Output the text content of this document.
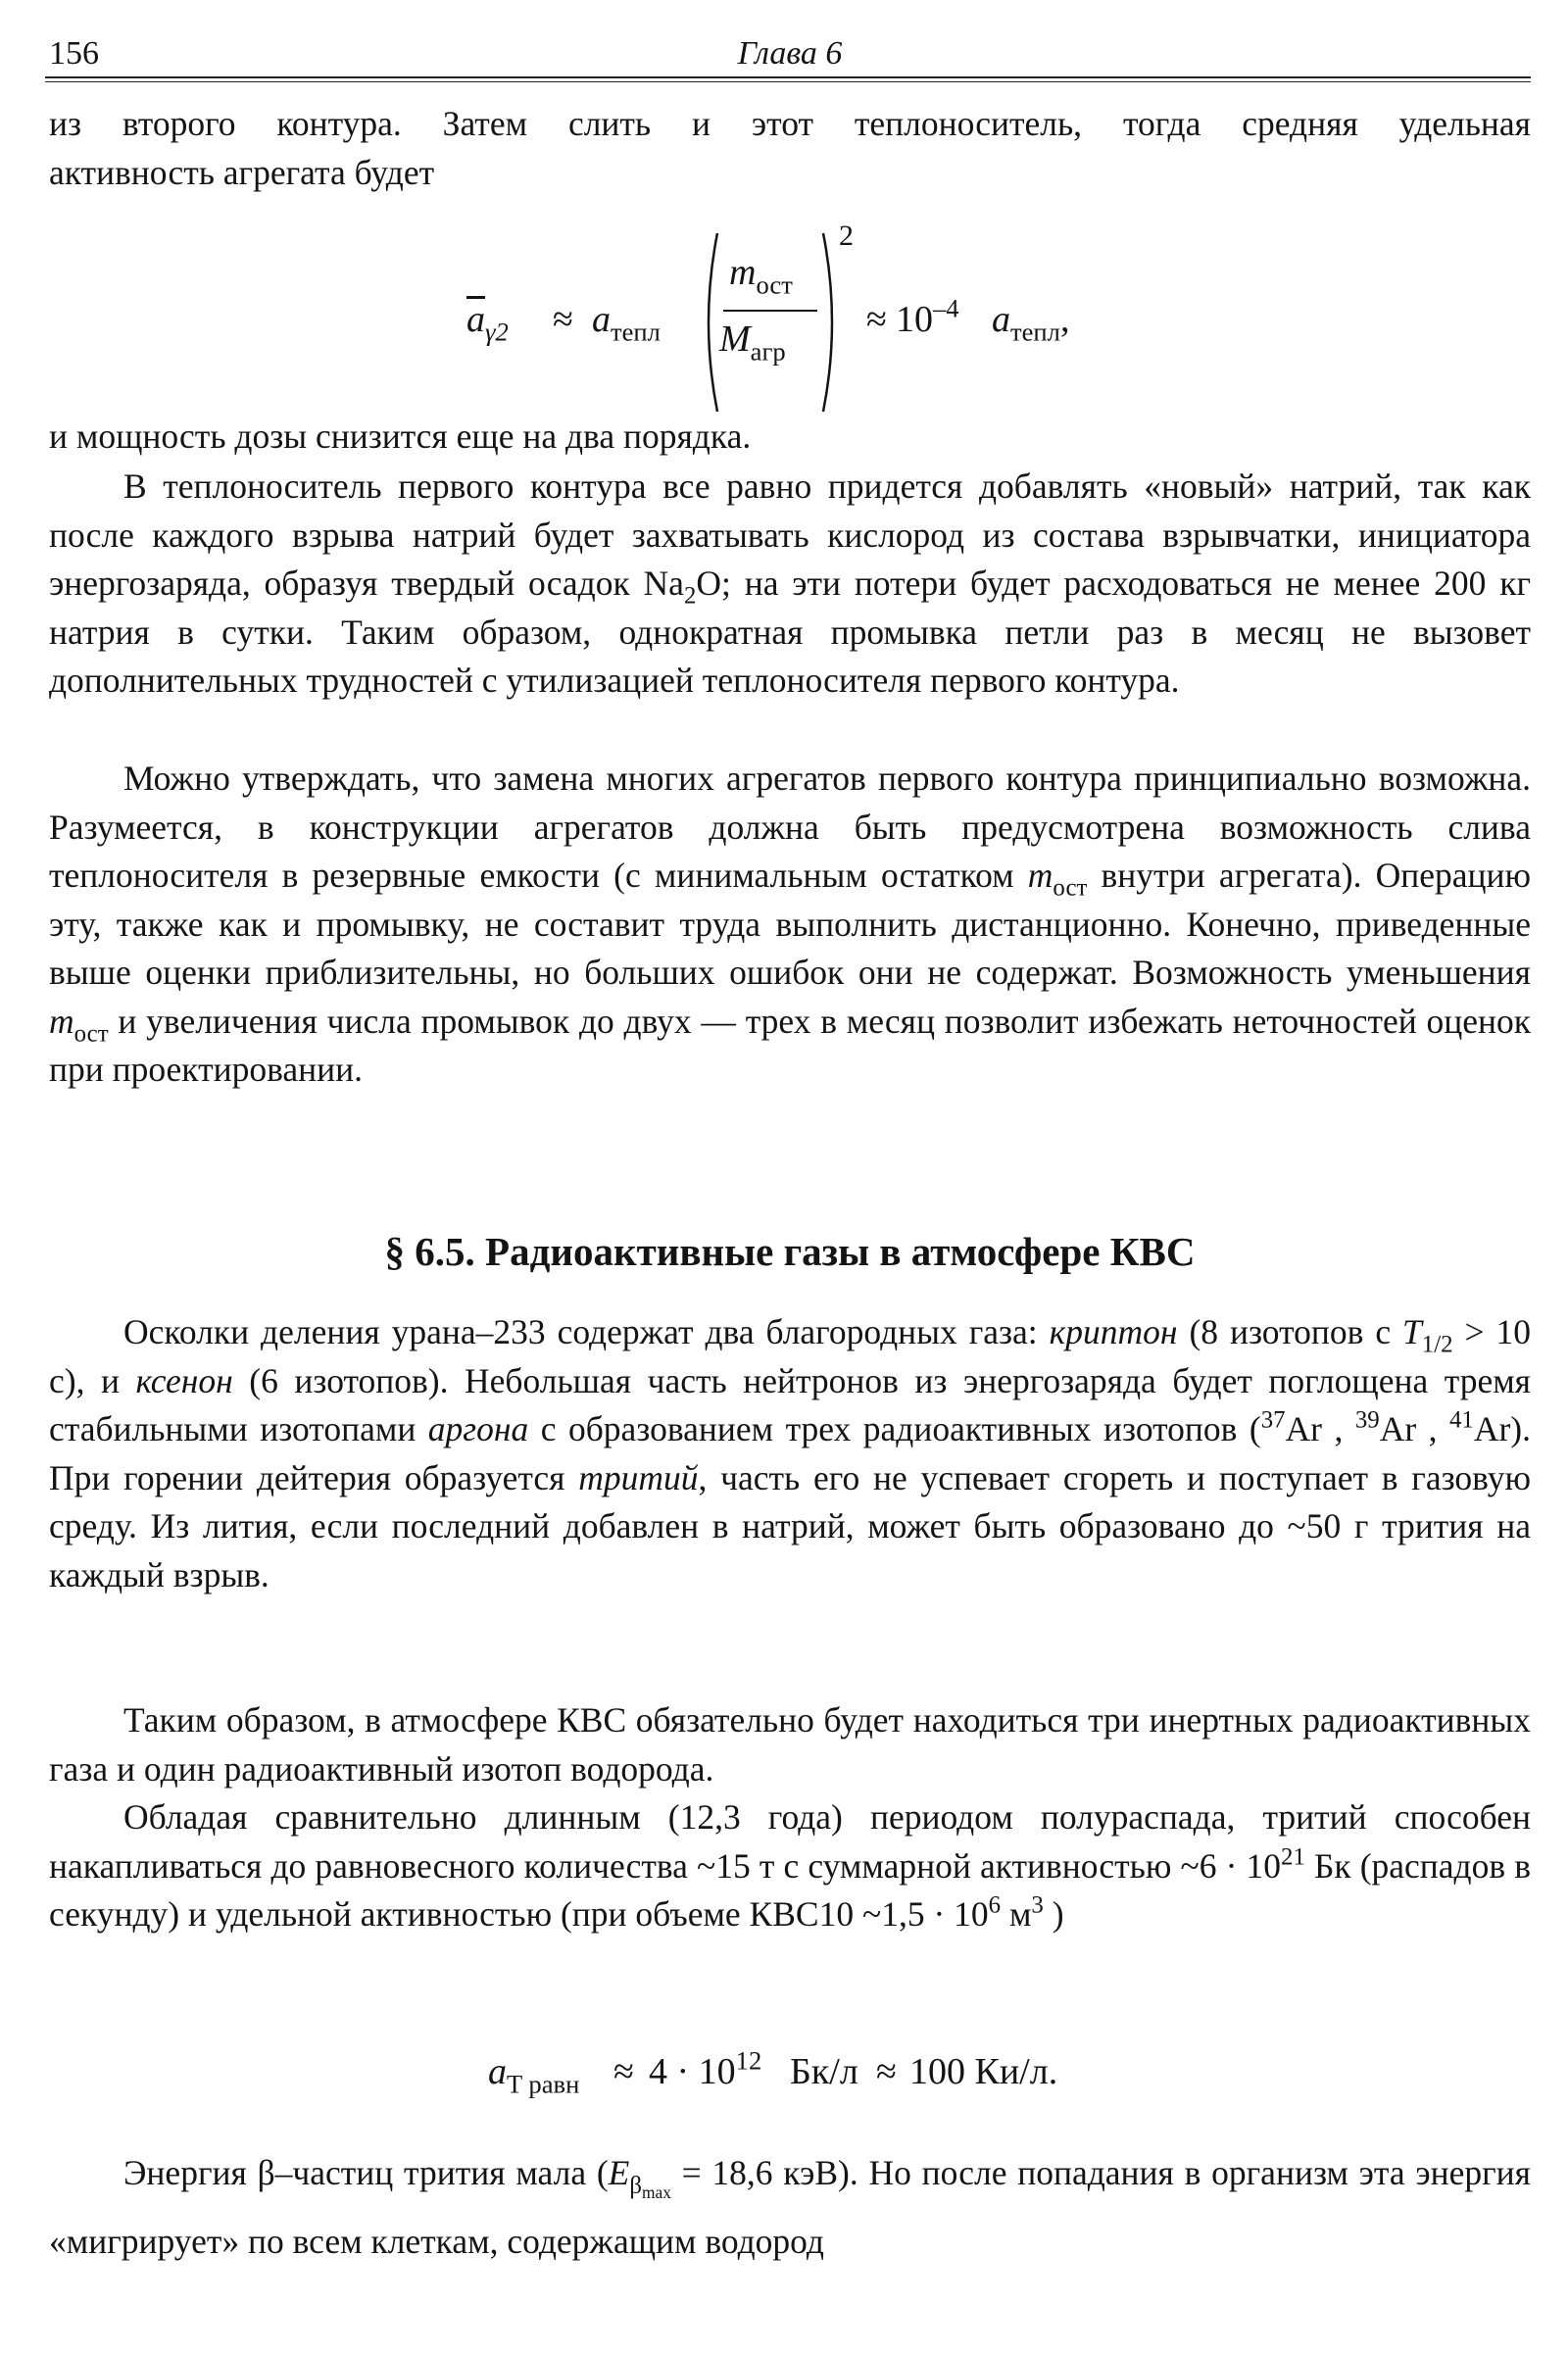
156	Глава 6

из второго контура. Затем слить и этот теплоноситель, тогда средняя удельная

активность агрегата будет

$\overline{a}_{\gamma 2} \approx a_{тепл}$
$m_{ост}$
$M_{агр}$
2
≈ $10^{-4}$ $a_{тепл}$,

и мощность дозы снизится еще на два порядка.

В теплоноситель первого контура все равно придется добавлять «новый» натрий, так как после каждого взрыва натрий будет захватывать кислород из состава взрывчатки, инициатора энергозаряда, образуя твердый осадок $Na_2O$; на эти потери будет расходоваться не менее 200 кг натрия в сутки. Таким образом, однократная промывка петли раз в месяц не вызовет дополнительных трудностей с утилизацией теплоносителя первого контура.

Можно утверждать, что замена многих агрегатов первого контура принципиально возможна. Разумеется, в конструкции агрегатов должна быть предусмотрена возможность слива теплоносителя в резервные емкости (с минимальным остатком $m_{ост}$ внутри агрегата). Операцию эту, также как и промывку, не составит труда выполнить дистанционно. Конечно, приведенные выше оценки приблизительны, но больших ошибок они не содержат. Возможность уменьшения $m_{ост}$ и увеличения числа промывок до двух — трех в месяц позволит избежать неточностей оценок при проектировании.

§ 6.5. Радиоактивные газы в атмосфере КВС

Осколки деления урана–233 содержат два благородных газа: криптон (8 изотопов с $T_{1/2} > 10$ с), и ксенон (6 изотопов). Небольшая часть нейтронов из энергозаряда будет поглощена тремя стабильными изотопами аргона с образованием трех радиоактивных изотопов ($^{37}$Ar , $^{39}$Ar , $^{41}$Ar). При горении дейтерия образуется тритий, часть его не успевает сгореть и поступает в газовую среду. Из лития, если последний добавлен в натрий, может быть образовано до ~50 г трития на каждый взрыв.

Таким образом, в атмосфере КВС обязательно будет находиться три инертных радиоактивных газа и один радиоактивный изотоп водорода.

Обладая сравнительно длинным (12,3 года) периодом полураспада, тритий способен накапливаться до равновесного количества ~15 т с суммарной активностью ~6 · $10^{21}$ Бк (распадов в секунду) и удельной активностью (при объеме КВС10 ~1,5 · $10^6$ $м^3$ )

$a_{T равн} \approx 4 \cdot 10^{12}$ Бк/л ≈ 100 Ки/л.

Энергия β–частиц трития мала ($E_{\beta_{max}} = 18,6$ кэВ). Но после попадания в организм эта энергия «мигрирует» по всем клеткам, содержащим водород
